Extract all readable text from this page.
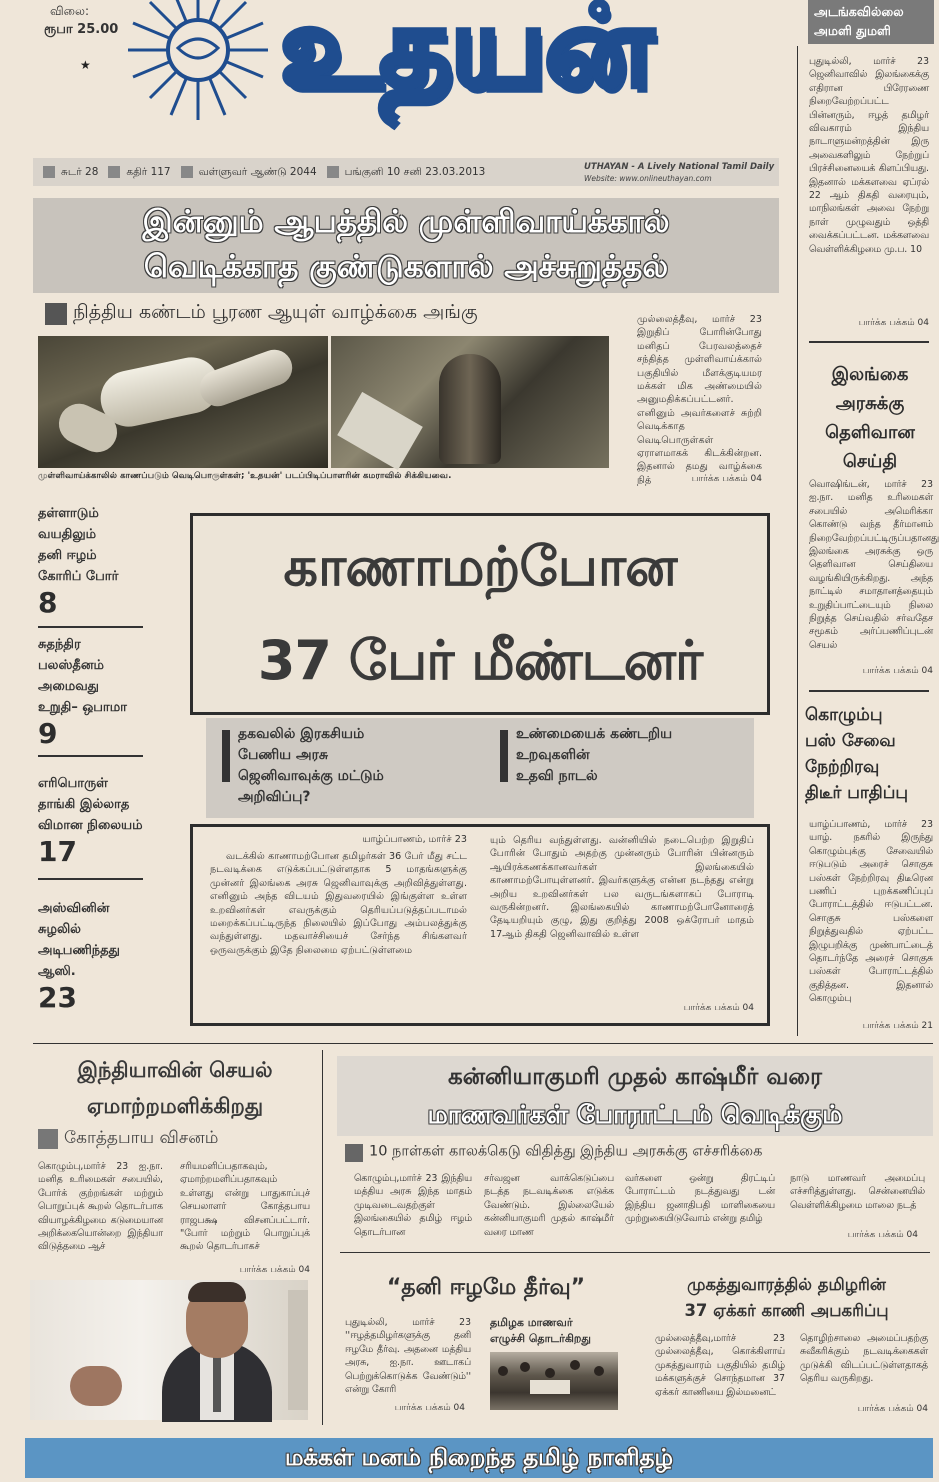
விலை:
ரூபா 25.00
★ உதயன்	அடங்கவில்லை
அமளி துமளி
சுடர் 28	கதிர் 117	வள்ளுவர் ஆண்டு 2044	பங்குனி 10 சனி 23.03.2013	UTHAYAN - A Lively National Tamil Daily
Website: www.onlineuthayan.com
இன்னும் ஆபத்தில் முள்ளிவாய்க்கால்
வெடிக்காத குண்டுகளால் அச்சுறுத்தல்
நித்திய கண்டம் பூரண ஆயுள் வாழ்க்கை அங்கு
முள்ளிவாய்க்காலில் காணப்படும் வெடிபொருள்கள்; 'உதயன்' படப்பிடிப்பாளரின் கமராவில் சிக்கியவை.
முல்லைத்தீவு, மார்ச் 23 இறுதிப் போரின்போது மனிதப் பேரவலத்தைச் சந்தித்த முள்ளிவாய்க்கால் பகுதியில் மீளக்குடியமர மக்கள் மிக அண்மையில் அனுமதிக்கப்பட்டனர். எனினும் அவர்களைச் சுற்றி வெடிக்காத வெடிபொருள்கள் ஏராளமாகக் கிடக்கின்றன. இதனால் தமது வாழ்க்கை நித்	பார்க்க பக்கம் 04
புதுடில்லி, மார்ச் 23 ஜெனிவாவில் இலங்கைக்கு எதிரான பிரேரணை நிறைவேற்றப்பட்ட பின்னரும், ஈழத் தமிழர் விவகாரம் இந்திய நாடாளுமன்றத்தின் இரு அவைகளிலும் நேற்றுப் பிரச்சினையைக் கிளப்பியது. இதனால் மக்களவை ஏப்ரல் 22 ஆம் திகதி வரையும், மாநிலங்கள் அவை நேற்று நாள் முழுவதும் ஒத்தி வைக்கப்பட்டன. மக்களவை வெள்ளிக்கிழமை மு.ப. 10
பார்க்க பக்கம் 04
இலங்கை
அரசுக்கு
தெளிவான
செய்தி
வொஷிங்டன், மார்ச் 23 ஐ.நா. மனித உரிமைகள் சபையில் அமெரிக்கா கொண்டு வந்த தீர்மானம் நிறைவேற்றப்பட்டிருப்பதானது இலங்கை அரசுக்கு ஒரு தெளிவான செய்தியை வழங்கியிருக்கிறது. அந்த நாட்டில் சமாதானத்தையும் உறுதிப்பாட்டையும் நிலை நிறுத்த செய்வதில் சர்வதேச சமூகம் அர்ப்பணிப்புடன் செயல்
பார்க்க பக்கம் 04
கொழும்பு
பஸ் சேவை
நேற்றிரவு
திடீர் பாதிப்பு
யாழ்ப்பாணம், மார்ச் 23 யாழ். நகரில் இருந்து கொழும்புக்கு சேவையில் ஈடுபடும் அரைச் சொகுசு பஸ்கள் நேற்றிரவு திடீரென பணிப் புறக்கணிப்புப் போராட்டத்தில் ஈடுபட்டன. சொகுசு பஸ்களை நிறுத்துவதில் ஏற்பட்ட இழுபறிக்கு முண்பாட்டைத் தொடர்ந்தே அரைச் சொகுசு பஸ்கள் போராட்டத்தில் குதித்தன. இதனால் கொழும்பு
பார்க்க பக்கம் 21
தள்ளாடும்
வயதிலும்
தனி ஈழம்
கோரிப் போர்
8
சுதந்திர
பலஸ்தீனம்
அமைவது
உறுதி– ஒபாமா
9
எரிபொருள்
தாங்கி இல்லாத
விமான நிலையம்
17
அஸ்வினின்
சுழலில்
அடிபணிந்தது
ஆஸி.
23
காணாமற்போன
37 பேர் மீண்டனர்
தகவலில் இரகசியம்
பேணிய அரசு
ஜெனிவாவுக்கு மட்டும்
அறிவிப்பு?
உண்மையைக் கண்டறிய
உறவுகளின்
உதவி நாடல்
யாழ்ப்பாணம், மார்ச் 23
வடக்கில் காணாமற்போன தமிழர்கள் 36 பேர் மீது சட்ட நடவடிக்கை எடுக்கப்பட்டுள்ளதாக 5 மாதங்களுக்கு முன்னர் இலங்கை அரசு ஜெனிவாவுக்கு அறிவித்துள்ளது. எனினும் அந்த விடயம் இதுவரையில் இங்குள்ள உள்ள உறவினர்கள் எவருக்கும் தெரியப்படுத்தப்படாமல் மறைக்கப்பட்டிருந்த நிலையில் இப்போது அம்பலத்துக்கு வந்துள்ளது. மதவாச்சியைச் சேர்ந்த சிங்களவர் ஒருவருக்கும் இதே நிலைமை ஏற்பட்டுள்ளமை
யும் தெரிய வந்துள்ளது. வன்னியில் நடைபெற்ற இறுதிப் போரின் போதும் அதற்கு முன்னரும் போரின் பின்னரும் ஆயிரக்கணக்கானவர்கள் இலங்கையில் காணாமற்போயுள்ளனர். இவர்களுக்கு என்ன நடந்தது என்று அறிய உறவினர்கள் பல வருடங்களாகப் போராடி வருகின்றனர். இலங்கையில் காணாமற்போனோரைத் தேடியறியும் குழு, இது குறித்து 2008 ஒக்ரோபர் மாதம் 17ஆம் திகதி ஜெனிவாவில் உள்ள
பார்க்க பக்கம் 04
இந்தியாவின் செயல்
ஏமாற்றமளிக்கிறது
கோத்தபாய விசனம்
கொழும்பு,மார்ச் 23 ஐ.நா. மனித உரிமைகள் சபையில், போர்க் குற்றங்கள் மற்றும் பொறுப்புக் கூறல் தொடர்பாக வியாழக்கிழமை கடுமையான அறிக்கையொன்றை இந்தியா விடுத்தமை ஆச்
சரியமளிப்பதாகவும், ஏமாற்றமளிப்பதாகவும் உள்ளது என்று பாதுகாப்புச் செயலாளர் கோத்தபாய ராஜபக்ஷ விசனப்பட்டார். "போர் மற்றும் பொறுப்புக் கூறல் தொடர்பாகச்
பார்க்க பக்கம் 04
கன்னியாகுமரி முதல் காஷ்மீர் வரை
மாணவர்கள் போராட்டம் வெடிக்கும்
10 நாள்கள் காலக்கெடு விதித்து இந்திய அரசுக்கு எச்சரிக்கை
கொழும்பு,மார்ச் 23 இந்திய மத்திய அரசு இந்த மாதம் முடிவடைவதற்குள் இலங்கையில் தமிழ் ஈழம் தொடர்பான
சர்வஜன வாக்கெடுப்பை நடத்த நடவடிக்கை எடுக்க வேண்டும். இல்லையேல் கன்னியாகுமரி முதல் காஷ்மீர் வரை மாண
வர்களை ஒன்று திரட்டிப் போராட்டம் நடத்துவது டன் இந்திய ஜனாதிபதி மாளிகையை முற்றுகையிடுவோம் என்று தமிழ்
நாடு மாணவர் அமைப்பு எச்சரித்துள்ளது. சென்னையில் வெள்ளிக்கிழமை மாலை நடத்
பார்க்க பக்கம் 04
“தனி ஈழமே தீர்வு”
புதுடில்லி, மார்ச் 23 ''ஈழத்தமிழர்களுக்கு தனி ஈழமே தீர்வு. அதனை மத்திய அரசு, ஐ.நா. ஊடாகப் பெற்றுக்கொடுக்க வேண்டும்'' என்று கோரி
பார்க்க பக்கம் 04
தமிழக மாணவர்
எழுச்சி தொடர்கிறது
முகத்துவாரத்தில் தமிழரின்
37 ஏக்கர் காணி அபகரிப்பு
முல்லைத்தீவு,மார்ச் 23 முல்லைத்தீவு, கொக்கிளாய் முகத்துவாரம் பகுதியில் தமிழ் மக்களுக்குச் சொந்தமான 37 ஏக்கர் காணியை இல்மனைட்
தொழிற்சாலை அமைப்பதற்கு சுவீகரிக்கும் நடவடிக்கைகள் முடுக்கி விடப்பட்டுள்ளதாகத் தெரிய வருகிறது.
பார்க்க பக்கம் 04
மக்கள் மனம் நிறைந்த தமிழ் நாளிதழ்
